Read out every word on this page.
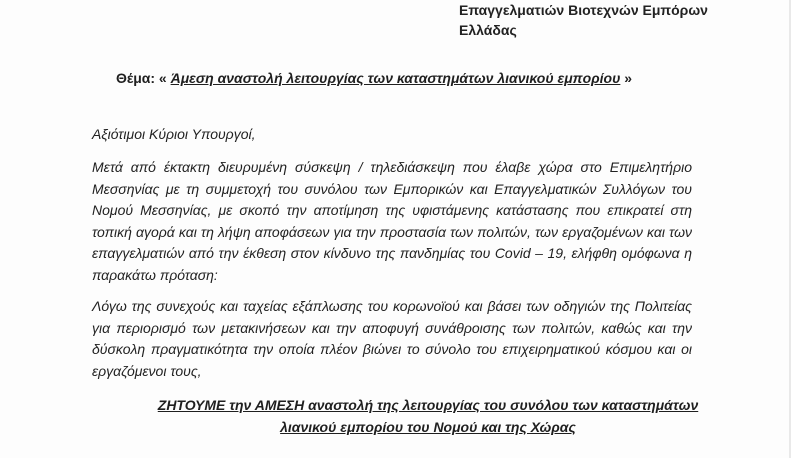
Επαγγελματιών Βιοτεχνών Εμπόρων
Ελλάδας
Θέμα: « Άμεση αναστολή λειτουργίας των καταστημάτων λιανικού εμπορίου »
Αξιότιμοι Κύριοι Υπουργοί,
Μετά από έκτακτη διευρυμένη σύσκεψη / τηλεδιάσκεψη που έλαβε χώρα στο Επιμελητήριο Μεσσηνίας με τη συμμετοχή του συνόλου των Εμπορικών και Επαγγελματικών Συλλόγων του Νομού Μεσσηνίας, με σκοπό την αποτίμηση της υφιστάμενης κατάστασης που επικρατεί στη τοπική αγορά και τη λήψη αποφάσεων για την προστασία των πολιτών, των εργαζομένων και των επαγγελματιών από την έκθεση στον κίνδυνο της πανδημίας του Covid – 19, ελήφθη ομόφωνα η παρακάτω πρόταση:
Λόγω της συνεχούς και ταχείας εξάπλωσης του κορωνοϊού και βάσει των οδηγιών της Πολιτείας για περιορισμό των μετακινήσεων και την αποφυγή συνάθροισης των πολιτών, καθώς και την δύσκολη πραγματικότητα την οποία πλέον βιώνει το σύνολο του επιχειρηματικού κόσμου και οι εργαζόμενοι τους,
ΖΗΤΟΥΜΕ την ΑΜΕΣΗ αναστολή της λειτουργίας του συνόλου των καταστημάτων
λιανικού εμπορίου του Νομού και της Χώρας
